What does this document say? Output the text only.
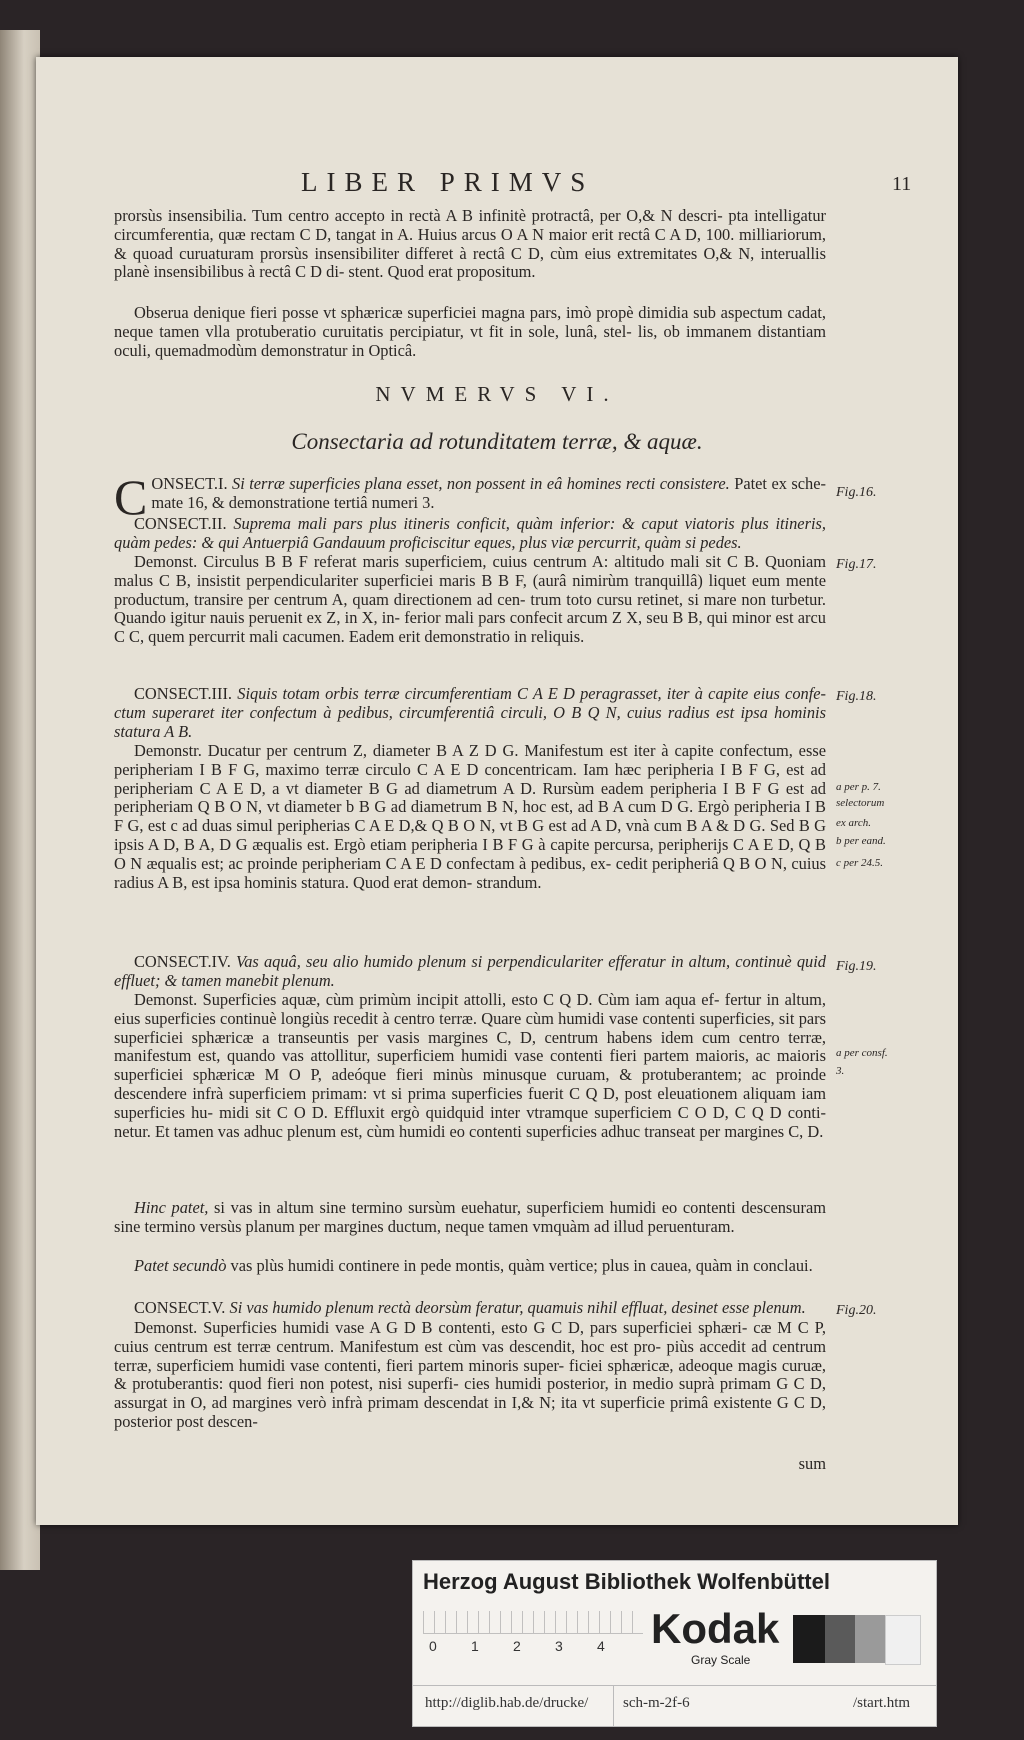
LIBER PRIMVS	11
prorsùs insensibilia. Tum centro accepto in rectà A B infinitè protractâ, per O,& N descri- pta intelligatur circumferentia, quæ rectam C D, tangat in A. Huius arcus O A N maior erit rectâ C A D, 100. milliariorum, & quoad curuaturam prorsùs insensibiliter differet à rectâ C D, cùm eius extremitates O,& N, interuallis planè insensibilibus à rectâ C D di- stent. Quod erat propositum.
Obserua denique fieri posse vt sphæricæ superficiei magna pars, imò propè dimidia sub aspectum cadat, neque tamen vlla protuberatio curuitatis percipiatur, vt fit in sole, lunâ, stel- lis, ob immanem distantiam oculi, quemadmodùm demonstratur in Opticâ.
NVMERVS VI.
Consectaria ad rotunditatem terræ, & aquæ.
C ONSECT.I. Si terræ superficies plana esset, non possent in eâ homines recti consistere. Patet ex sche- mate 16, & demonstratione tertiâ numeri 3.
CONSECT.II. Suprema mali pars plus itineris conficit, quàm inferior: & caput viatoris plus itineris, quàm pedes: & qui Antuerpiâ Gandauum proficiscitur eques, plus viæ percurrit, quàm si pedes.
Demonst. Circulus B B F referat maris superficiem, cuius centrum A: altitudo mali sit C B. Quoniam malus C B, insistit perpendiculariter superficiei maris B B F, (aurâ nimirùm tranquillâ) liquet eum mente productum, transire per centrum A, quam directionem ad cen- trum toto cursu retinet, si mare non turbetur. Quando igitur nauis peruenit ex Z, in X, in- ferior mali pars confecit arcum Z X, seu B B, qui minor est arcu C C, quem percurrit mali cacumen. Eadem erit demonstratio in reliquis.
CONSECT.III. Siquis totam orbis terræ circumferentiam C A E D peragrasset, iter à capite eius confe- ctum superaret iter confectum à pedibus, circumferentiâ circuli, O B Q N, cuius radius est ipsa hominis statura A B.
Demonstr. Ducatur per centrum Z, diameter B A Z D G. Manifestum est iter à capite confectum, esse peripheriam I B F G, maximo terræ circulo C A E D concentricam. Iam hæc peripheria I B F G, est ad peripheriam C A E D, a vt diameter B G ad diametrum A D. Rursùm eadem peripheria I B F G est ad peripheriam Q B O N, vt diameter b B G ad diametrum B N, hoc est, ad B A cum D G. Ergò peripheria I B F G, est c ad duas simul peripherias C A E D,& Q B O N, vt B G est ad A D, vnà cum B A & D G. Sed B G ipsis A D, B A, D G æqualis est. Ergò etiam peripheria I B F G à capite percursa, peripherijs C A E D, Q B O N æqualis est; ac proinde peripheriam C A E D confectam à pedibus, ex- cedit peripheriâ Q B O N, cuius radius A B, est ipsa hominis statura. Quod erat demon- strandum.
CONSECT.IV. Vas aquâ, seu alio humido plenum si perpendiculariter efferatur in altum, continuè quid effluet; & tamen manebit plenum.
Demonst. Superficies aquæ, cùm primùm incipit attolli, esto C Q D. Cùm iam aqua ef- fertur in altum, eius superficies continuè longiùs recedit à centro terræ. Quare cùm humidi vase contenti superficies, sit pars superficiei sphæricæ a transeuntis per vasis margines C, D, centrum habens idem cum centro terræ, manifestum est, quando vas attollitur, superficiem humidi vase contenti fieri partem maioris, ac maioris superficiei sphæricæ M O P, adeóque fieri minùs minusque curuam, & protuberantem; ac proinde descendere infrà superficiem primam: vt si prima superficies fuerit C Q D, post eleuationem aliquam iam superficies hu- midi sit C O D. Effluxit ergò quidquid inter vtramque superficiem C O D, C Q D conti- netur. Et tamen vas adhuc plenum est, cùm humidi eo contenti superficies adhuc transeat per margines C, D.
Hinc patet, si vas in altum sine termino sursùm euehatur, superficiem humidi eo contenti descensuram sine termino versùs planum per margines ductum, neque tamen vmquàm ad illud peruenturam.
Patet secundò vas plùs humidi continere in pede montis, quàm vertice; plus in cauea, quàm in conclaui.
CONSECT.V. Si vas humido plenum rectà deorsùm feratur, quamuis nihil effluat, desinet esse plenum.
Demonst. Superficies humidi vase A G D B contenti, esto G C D, pars superficiei sphæri- cæ M C P, cuius centrum est terræ centrum. Manifestum est cùm vas descendit, hoc est pro- piùs accedit ad centrum terræ, superficiem humidi vase contenti, fieri partem minoris super- ficiei sphæricæ, adeoque magis curuæ, & protuberantis: quod fieri non potest, nisi superfi- cies humidi posterior, in medio suprà primam G C D, assurgat in O, ad margines verò infrà primam descendat in I,& N; ita vt superficie primâ existente G C D, posterior post descen-
sum
Fig.16.
Fig.17.
Fig.18.
a per p. 7.
selectorum
ex arch.
b per eand.
c per 24.5.
Fig.19.
a per consf.
3.
Fig.20.
Herzog August Bibliothek Wolfenbüttel
0 1 2 3 4	Kodak
Gray Scale
http://diglib.hab.de/drucke/ sch-m-2f-6	/start.htm
